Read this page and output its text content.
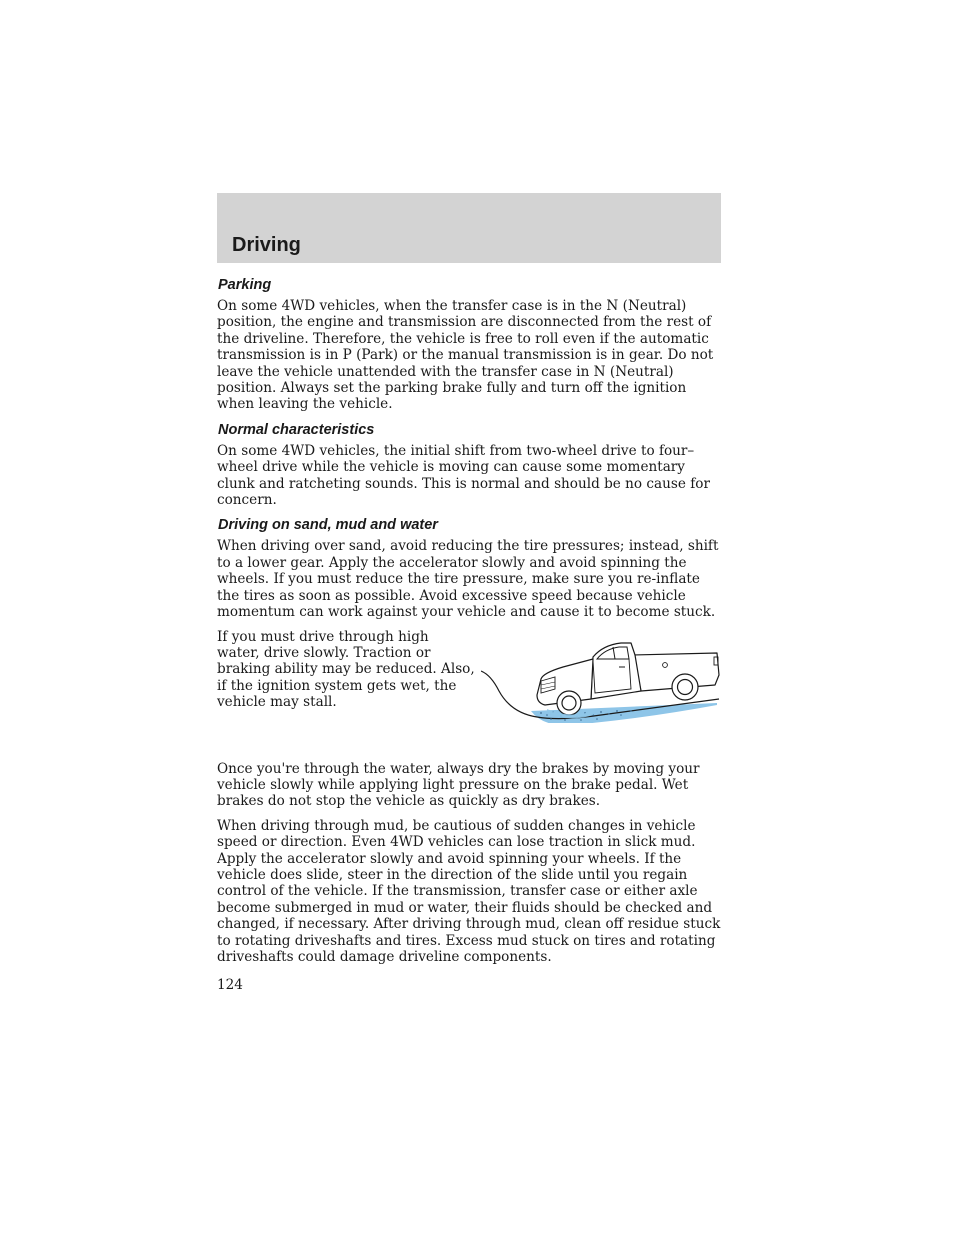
Driving
Parking

On some 4WD vehicles, when the transfer case is in the N (Neutral) position, the engine and transmission are disconnected from the rest of the driveline. Therefore, the vehicle is free to roll even if the automatic transmission is in P (Park) or the manual transmission is in gear. Do not leave the vehicle unattended with the transfer case in N (Neutral) position. Always set the parking brake fully and turn off the ignition when leaving the vehicle.

Normal characteristics

On some 4WD vehicles, the initial shift from two-wheel drive to four–wheel drive while the vehicle is moving can cause some momentary clunk and ratcheting sounds. This is normal and should be no cause for concern.

Driving on sand, mud and water

When driving over sand, avoid reducing the tire pressures; instead, shift to a lower gear. Apply the accelerator slowly and avoid spinning the wheels. If you must reduce the tire pressure, make sure you re-inflate the tires as soon as possible. Avoid excessive speed because vehicle momentum can work against your vehicle and cause it to become stuck.

If you must drive through high water, drive slowly. Traction or braking ability may be reduced. Also, if the ignition system gets wet, the vehicle may stall.

Once you're through the water, always dry the brakes by moving your vehicle slowly while applying light pressure on the brake pedal. Wet brakes do not stop the vehicle as quickly as dry brakes.

When driving through mud, be cautious of sudden changes in vehicle speed or direction. Even 4WD vehicles can lose traction in slick mud. Apply the accelerator slowly and avoid spinning your wheels. If the vehicle does slide, steer in the direction of the slide until you regain control of the vehicle. If the transmission, transfer case or either axle become submerged in mud or water, their fluids should be checked and changed, if necessary. After driving through mud, clean off residue stuck to rotating driveshafts and tires. Excess mud stuck on tires and rotating driveshafts could damage driveline components.

124
